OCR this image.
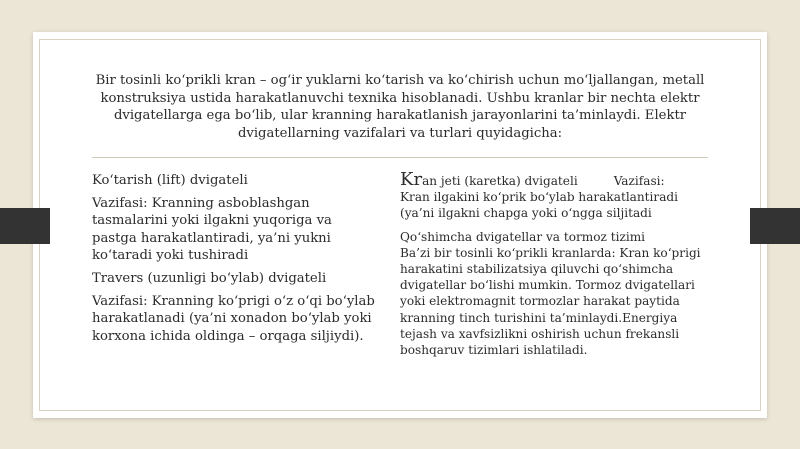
Bir tosinli ko‘prikli kran – og‘ir yuklarni ko‘tarish va ko‘chirish uchun mo‘ljallangan, metall konstruksiya ustida harakatlanuvchi texnika hisoblanadi. Ushbu kranlar bir nechta elektr dvigatellarga ega bo‘lib, ular kranning harakatlanish jarayonlarini ta’minlaydi. Elektr dvigatellarning vazifalari va turlari quyidagicha:

Ko‘tarish (lift) dvigateli

Vazifasi: Kranning asboblashgan tasmalarini yoki ilgakni yuqoriga va pastga harakatlantiradi, ya’ni yukni ko‘taradi yoki tushiradi

Travers (uzunligi bo‘ylab) dvigateli

Vazifasi: Kranning ko‘prigi o‘z o‘qi bo‘ylab harakatlanadi (ya’ni xonadon bo‘ylab yoki korxona ichida oldinga – orqaga siljiydi).

Kran jeti (karetka) dvigateli	Vazifasi:

Kran ilgakini ko‘prik bo‘ylab harakatlantiradi (ya’ni ilgakni chapga yoki o‘ngga siljitadi

Qo‘shimcha dvigatellar va tormoz tizimi

Ba’zi bir tosinli ko‘prikli kranlarda: Kran ko‘prigi harakatini stabilizatsiya qiluvchi qo‘shimcha dvigatellar bo‘lishi mumkin. Tormoz dvigatellari yoki elektromagnit tormozlar harakat paytida kranning tinch turishini ta’minlaydi.Energiya tejash va xavfsizlikni oshirish uchun frekansli boshqaruv tizimlari ishlatiladi.
